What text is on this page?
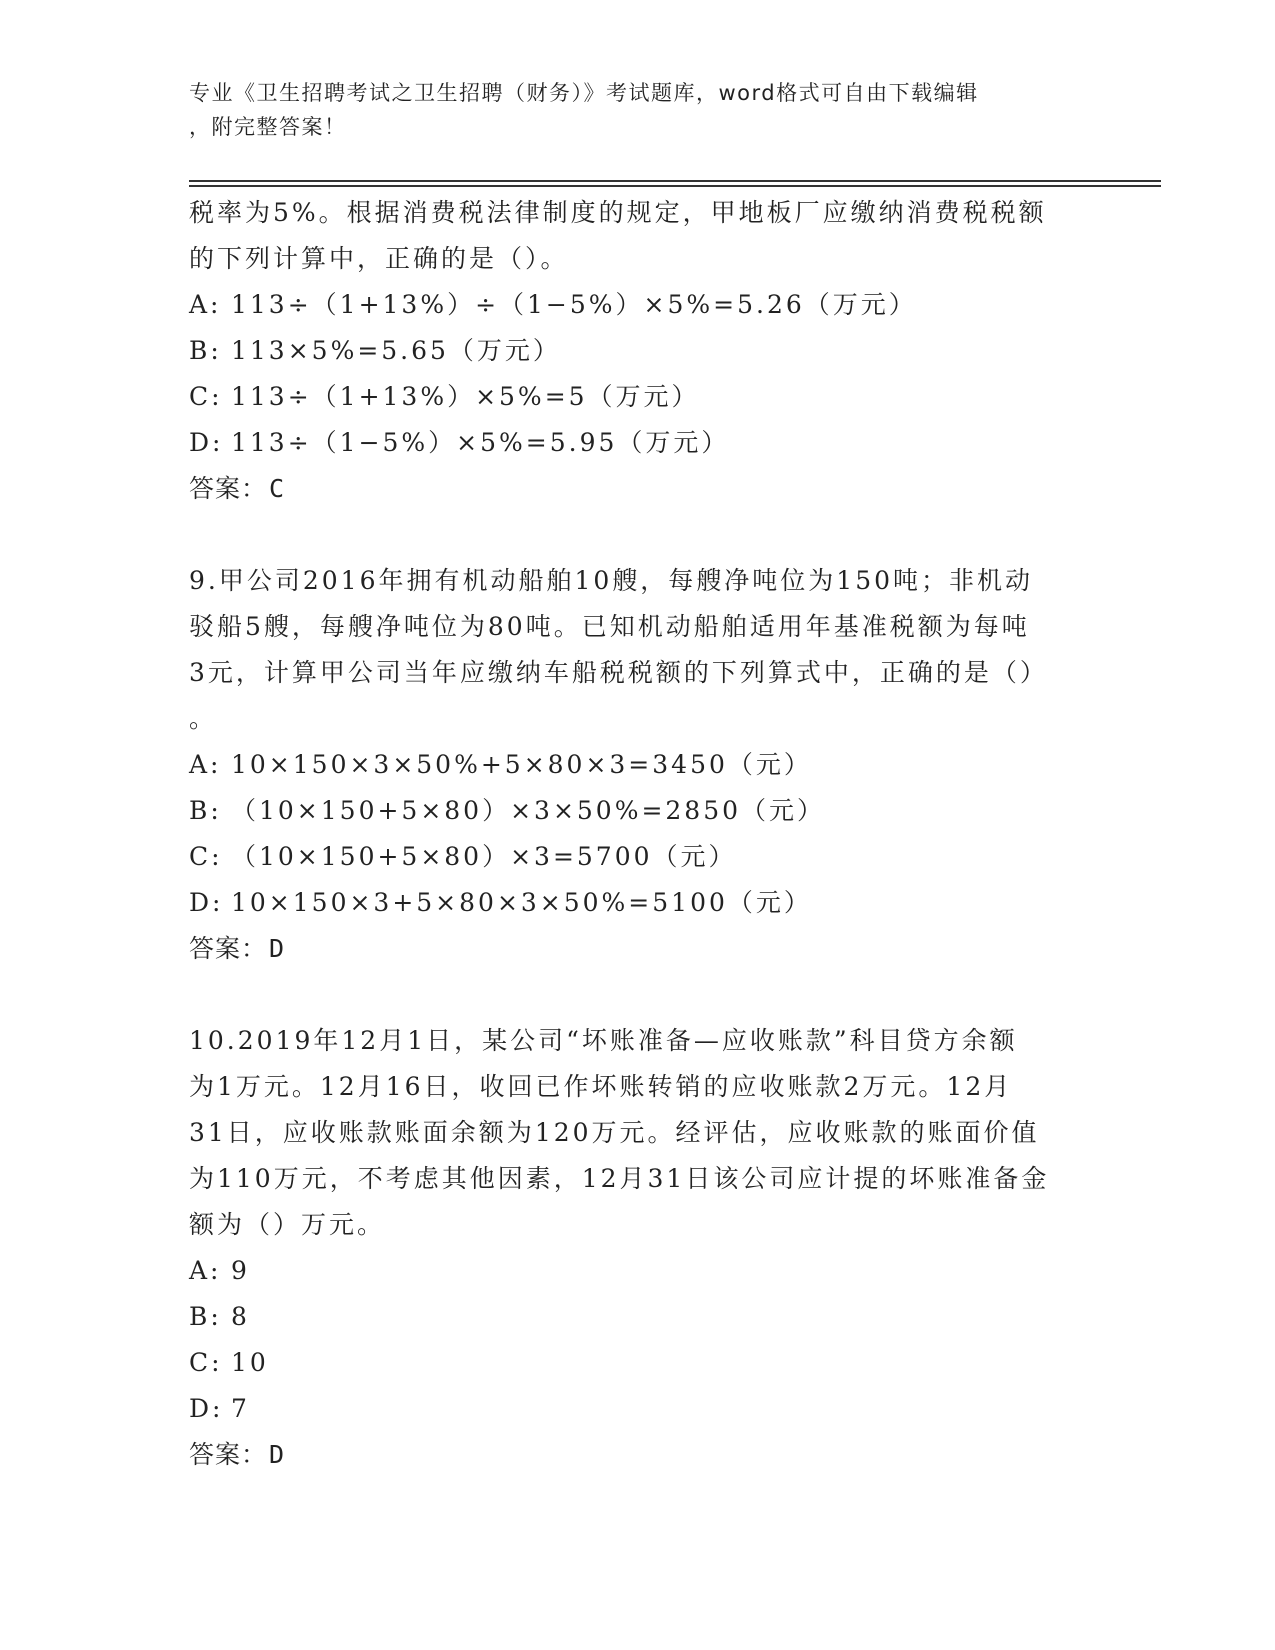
专业《卫生招聘考试之卫生招聘（财务）》考试题库，word格式可自由下载编辑
，附完整答案！

税率为5%。根据消费税法律制度的规定，甲地板厂应缴纳消费税税额

的下列计算中，正确的是（）。

A: 113÷（1+13%）÷（1−5%）×5%=5.26（万元）

B: 113×5%=5.65（万元）

C: 113÷（1+13%）×5%=5（万元）

D: 113÷（1−5%）×5%=5.95（万元）

答案：C

9.甲公司2016年拥有机动船舶10艘，每艘净吨位为150吨；非机动

驳船5艘，每艘净吨位为80吨。已知机动船舶适用年基准税额为每吨

3元，计算甲公司当年应缴纳车船税税额的下列算式中，正确的是（）

。

A: 10×150×3×50%+5×80×3=3450（元）

B: （10×150+5×80）×3×50%=2850（元）

C: （10×150+5×80）×3=5700（元）

D: 10×150×3+5×80×3×50%=5100（元）

答案：D

10.2019年12月1日，某公司“坏账准备—应收账款”科目贷方余额

为1万元。12月16日，收回已作坏账转销的应收账款2万元。12月

31日，应收账款账面余额为120万元。经评估，应收账款的账面价值

为110万元，不考虑其他因素，12月31日该公司应计提的坏账准备金

额为（）万元。

A: 9

B: 8

C: 10

D: 7

答案：D
